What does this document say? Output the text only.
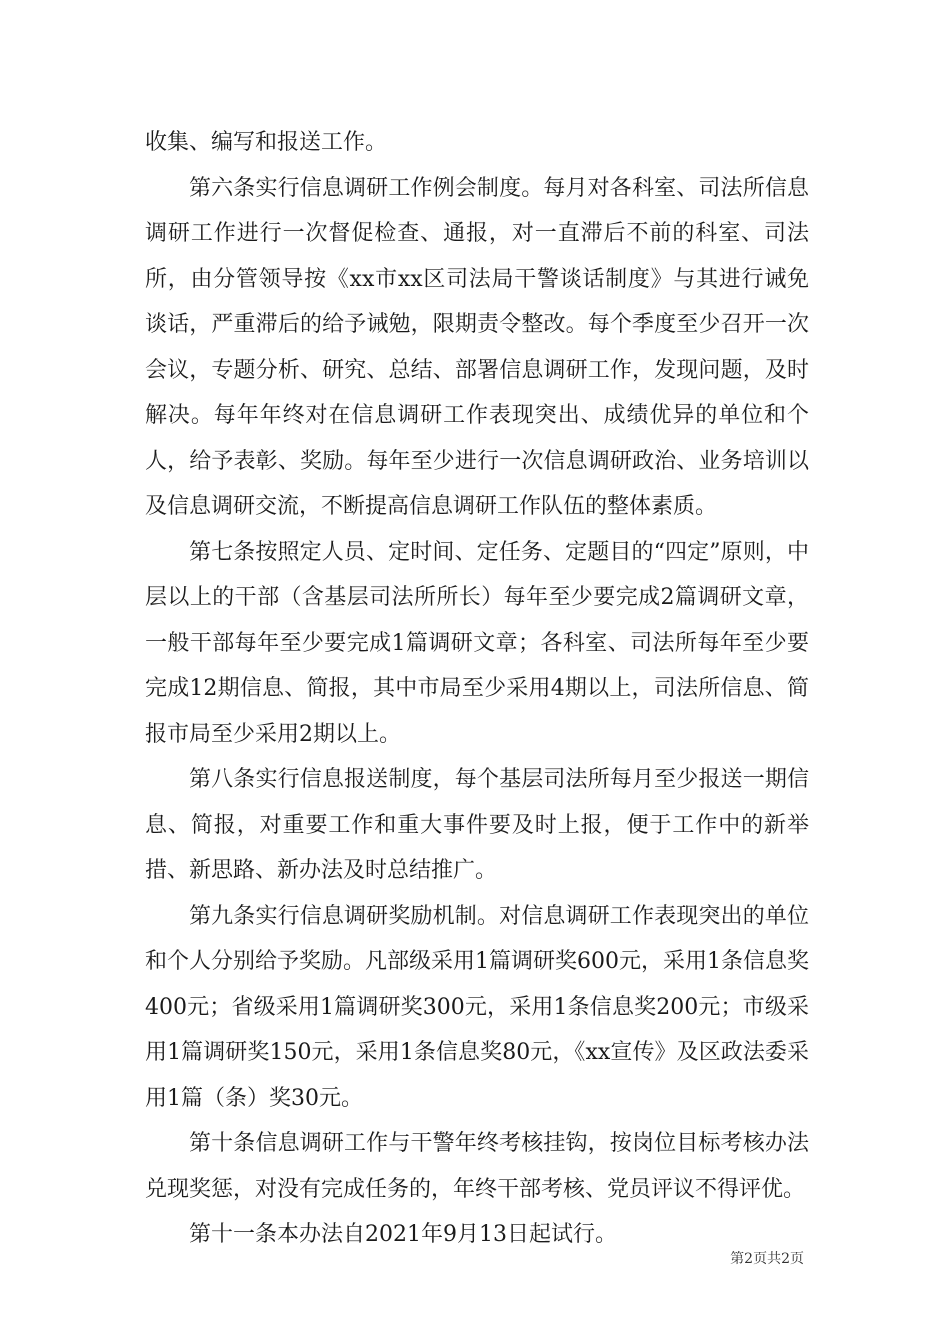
收集、编写和报送工作。

第六条实行信息调研工作例会制度。每月对各科室、司法所信息调研工作进行一次督促检查、通报，对一直滞后不前的科室、司法所，由分管领导按《xx市xx区司法局干警谈话制度》与其进行诫免谈话，严重滞后的给予诫勉，限期责令整改。每个季度至少召开一次会议，专题分析、研究、总结、部署信息调研工作，发现问题，及时解决。每年年终对在信息调研工作表现突出、成绩优异的单位和个人，给予表彰、奖励。每年至少进行一次信息调研政治、业务培训以及信息调研交流，不断提高信息调研工作队伍的整体素质。

第七条按照定人员、定时间、定任务、定题目的“四定”原则，中层以上的干部（含基层司法所所长）每年至少要完成2篇调研文章，一般干部每年至少要完成1篇调研文章；各科室、司法所每年至少要完成12期信息、简报，其中市局至少采用4期以上，司法所信息、简报市局至少采用2期以上。

第八条实行信息报送制度，每个基层司法所每月至少报送一期信息、简报，对重要工作和重大事件要及时上报，便于工作中的新举措、新思路、新办法及时总结推广。

第九条实行信息调研奖励机制。对信息调研工作表现突出的单位和个人分别给予奖励。凡部级采用1篇调研奖600元，采用1条信息奖400元；省级采用1篇调研奖300元，采用1条信息奖200元；市级采用1篇调研奖150元，采用1条信息奖80元，《xx宣传》及区政法委采用1篇（条）奖30元。

第十条信息调研工作与干警年终考核挂钩，按岗位目标考核办法兑现奖惩，对没有完成任务的，年终干部考核、党员评议不得评优。

第十一条本办法自2021年9月13日起试行。

第2页共2页
